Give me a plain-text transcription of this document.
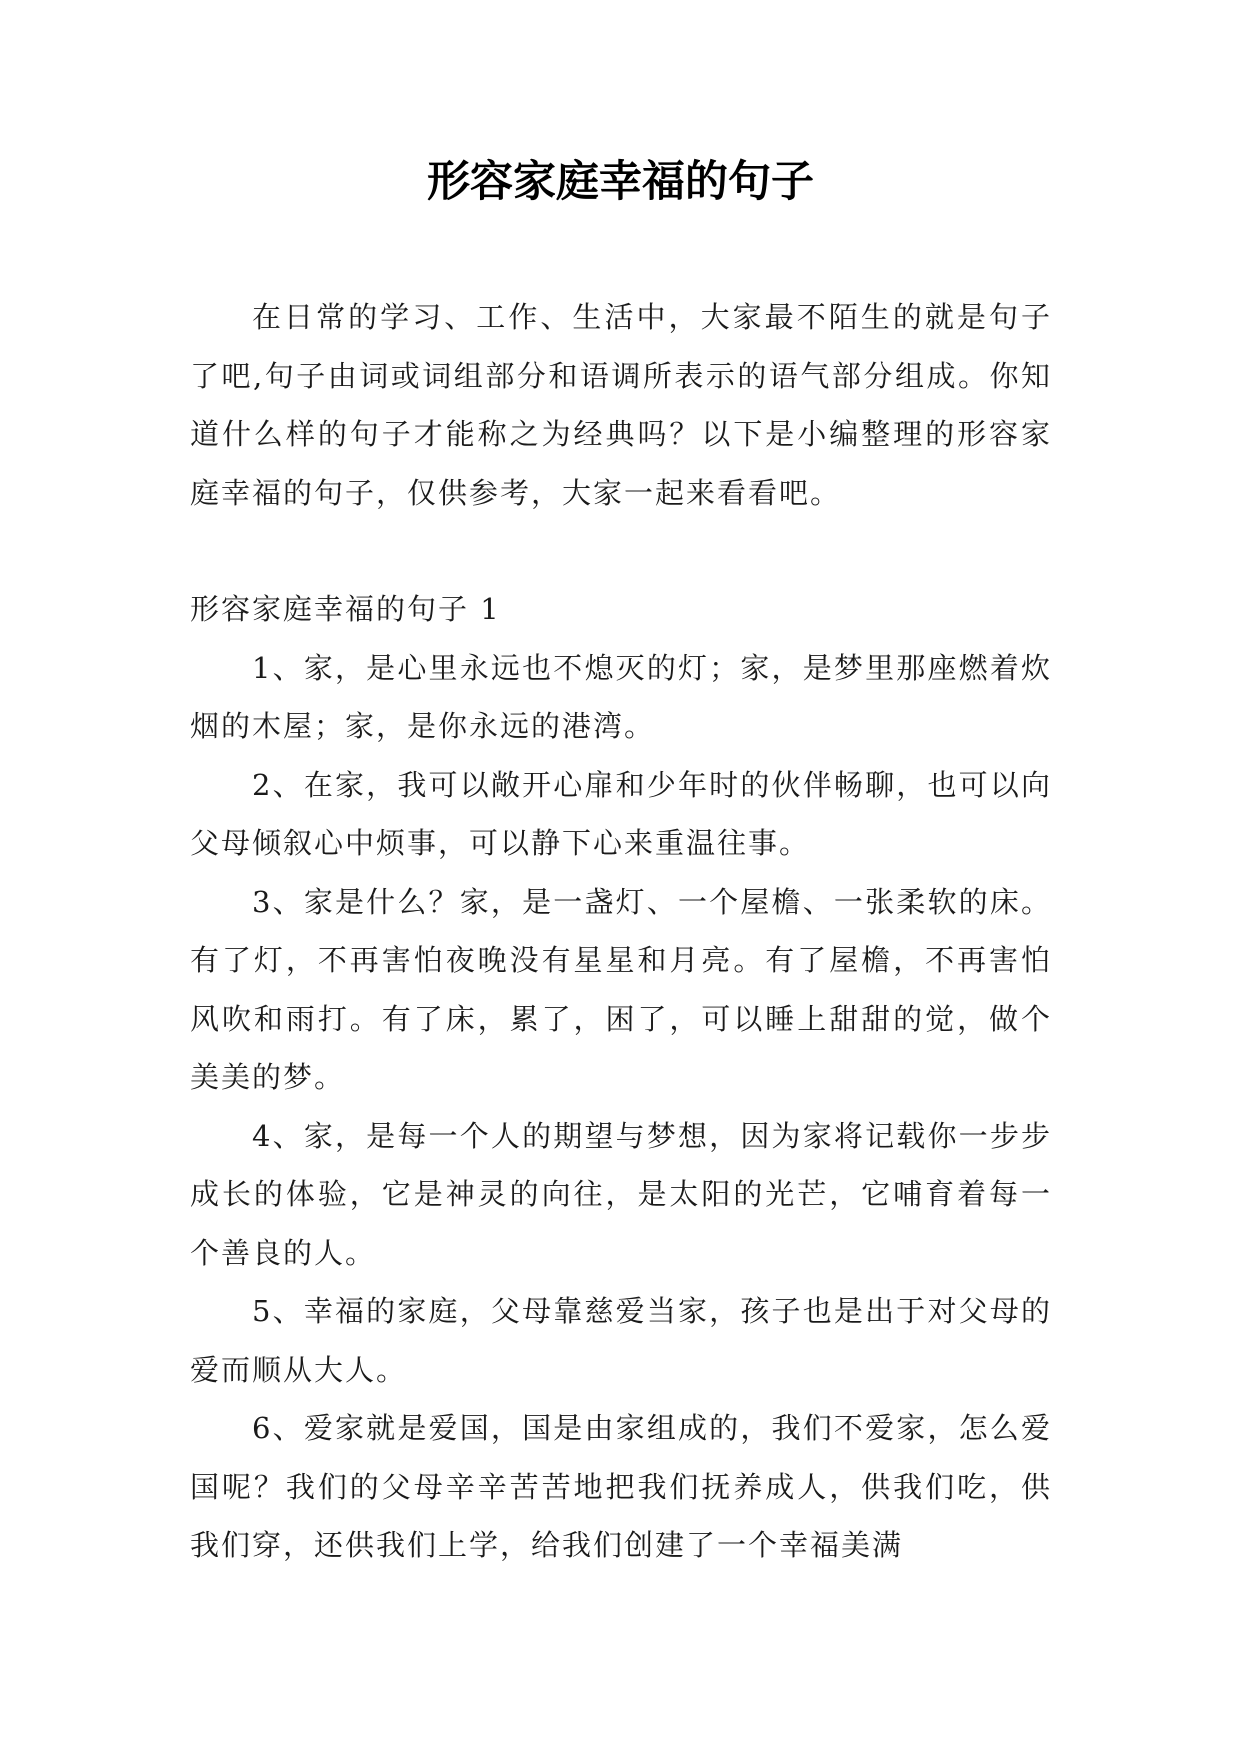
形容家庭幸福的句子

在日常的学习、工作、生活中，大家最不陌生的就是句子了吧,句子由词或词组部分和语调所表示的语气部分组成。你知道什么样的句子才能称之为经典吗？以下是小编整理的形容家庭幸福的句子，仅供参考，大家一起来看看吧。

形容家庭幸福的句子 1

1、家，是心里永远也不熄灭的灯；家，是梦里那座燃着炊烟的木屋；家，是你永远的港湾。

2、在家，我可以敞开心扉和少年时的伙伴畅聊，也可以向父母倾叙心中烦事，可以静下心来重温往事。

3、家是什么？家，是一盏灯、一个屋檐、一张柔软的床。有了灯，不再害怕夜晚没有星星和月亮。有了屋檐，不再害怕风吹和雨打。有了床，累了，困了，可以睡上甜甜的觉，做个美美的梦。

4、家，是每一个人的期望与梦想，因为家将记载你一步步成长的体验，它是神灵的向往，是太阳的光芒，它哺育着每一个善良的人。

5、幸福的家庭，父母靠慈爱当家，孩子也是出于对父母的爱而顺从大人。

6、爱家就是爱国，国是由家组成的，我们不爱家，怎么爱国呢？我们的父母辛辛苦苦地把我们抚养成人，供我们吃，供我们穿，还供我们上学，给我们创建了一个幸福美满
